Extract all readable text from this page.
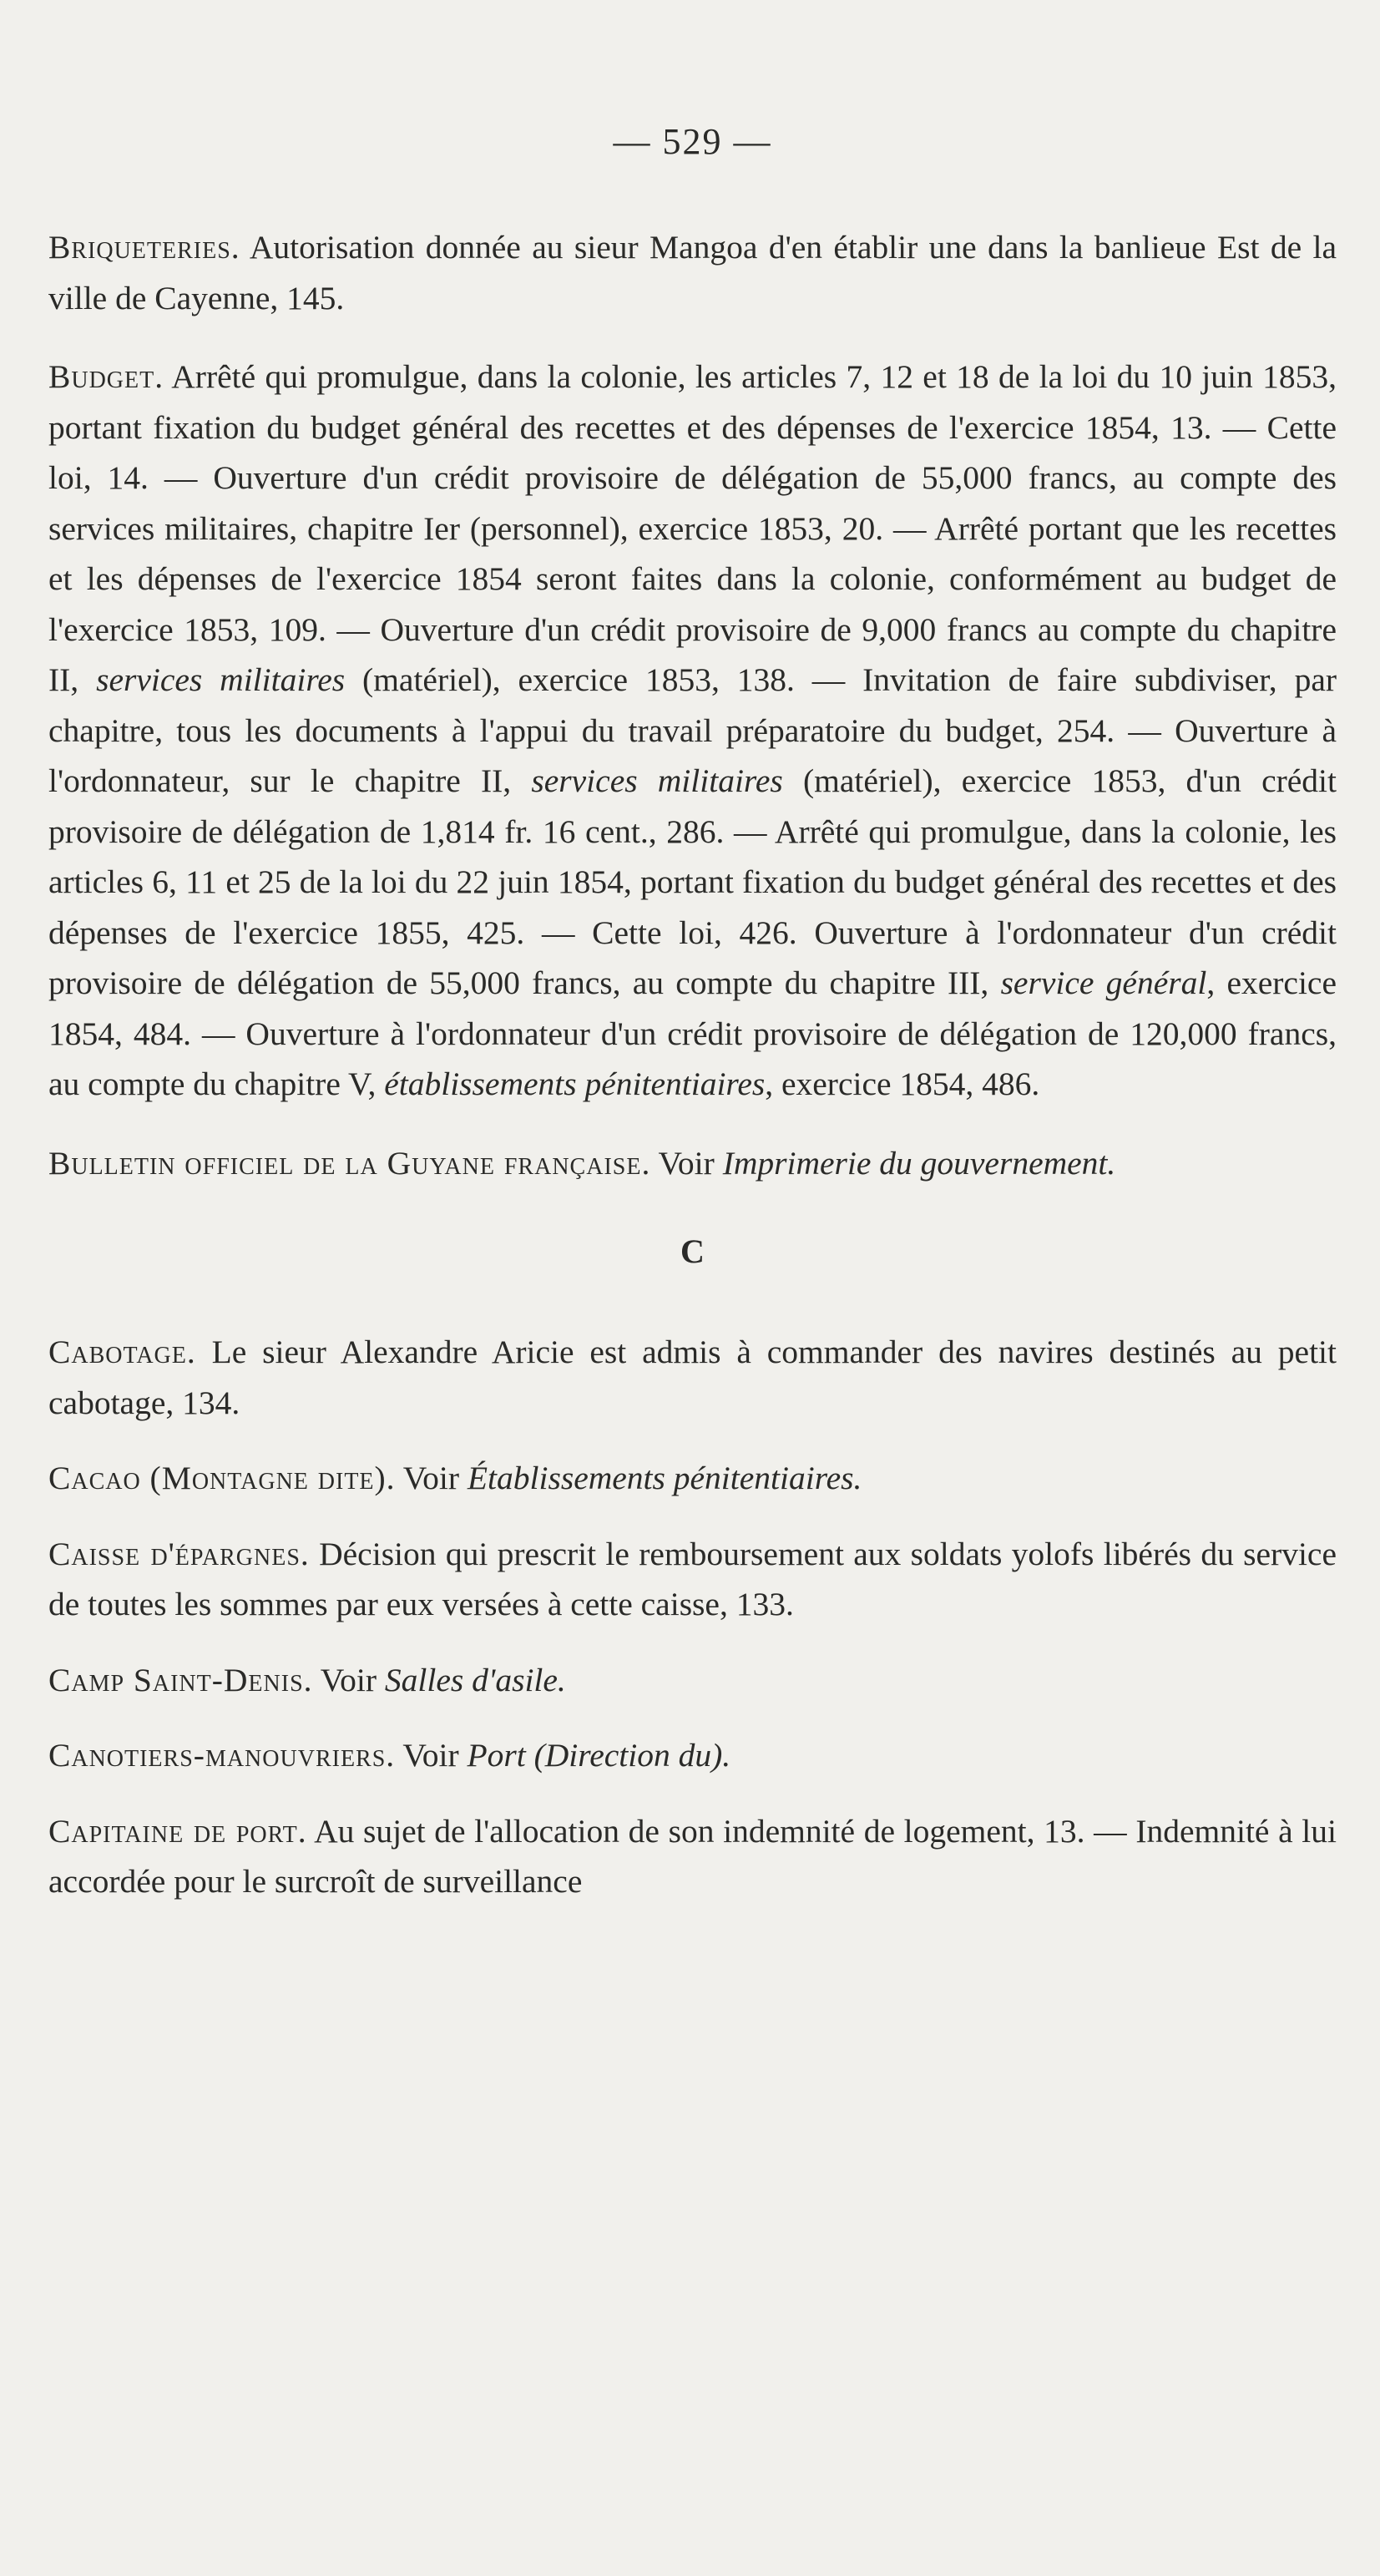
— 529 —

Briqueteries. Autorisation donnée au sieur Mangoa d'en établir une dans la banlieue Est de la ville de Cayenne, 145.

Budget. Arrêté qui promulgue, dans la colonie, les articles 7, 12 et 18 de la loi du 10 juin 1853, portant fixation du budget général des recettes et des dépenses de l'exercice 1854, 13. — Cette loi, 14. — Ouverture d'un crédit provisoire de délégation de 55,000 francs, au compte des services militaires, chapitre Ier (personnel), exercice 1853, 20. — Arrêté portant que les recettes et les dépenses de l'exercice 1854 seront faites dans la colonie, conformément au budget de l'exercice 1853, 109. — Ouverture d'un crédit provisoire de 9,000 francs au compte du chapitre II, services militaires (matériel), exercice 1853, 138. — Invitation de faire subdiviser, par chapitre, tous les documents à l'appui du travail préparatoire du budget, 254. — Ouverture à l'ordonnateur, sur le chapitre II, services militaires (matériel), exercice 1853, d'un crédit provisoire de délégation de 1,814 fr. 16 cent., 286. — Arrêté qui promulgue, dans la colonie, les articles 6, 11 et 25 de la loi du 22 juin 1854, portant fixation du budget général des recettes et des dépenses de l'exercice 1855, 425. — Cette loi, 426. Ouverture à l'ordonnateur d'un crédit provisoire de délégation de 55,000 francs, au compte du chapitre III, service général, exercice 1854, 484. — Ouverture à l'ordonnateur d'un crédit provisoire de délégation de 120,000 francs, au compte du chapitre V, établissements pénitentiaires, exercice 1854, 486.

Bulletin officiel de la Guyane française. Voir Imprimerie du gouvernement.

C

Cabotage. Le sieur Alexandre Aricie est admis à commander des navires destinés au petit cabotage, 134.

Cacao (Montagne dite). Voir Établissements pénitentiaires.

Caisse d'épargnes. Décision qui prescrit le remboursement aux soldats yolofs libérés du service de toutes les sommes par eux versées à cette caisse, 133.

Camp Saint-Denis. Voir Salles d'asile.

Canotiers-manouvriers. Voir Port (Direction du).

Capitaine de port. Au sujet de l'allocation de son indemnité de logement, 13. — Indemnité à lui accordée pour le surcroît de surveillance
